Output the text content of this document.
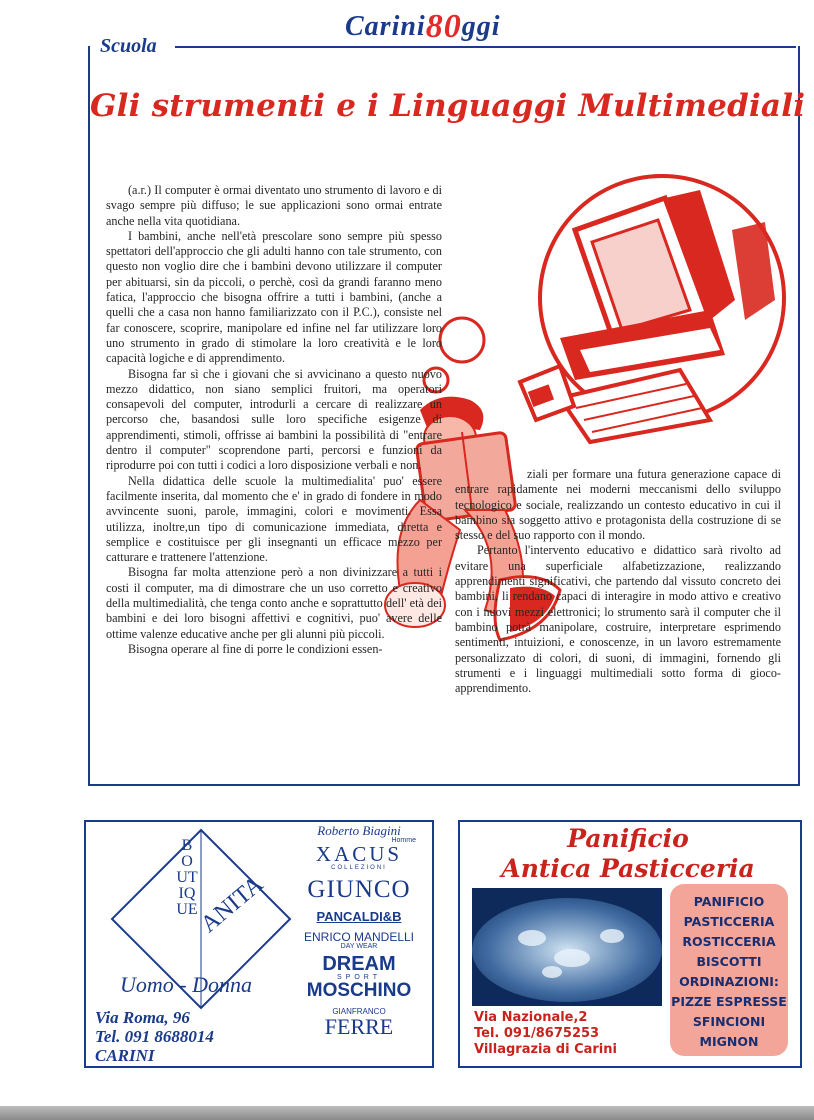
Carini80ggi
Scuola
Gli strumenti e i Linguaggi Multimediali

(a.r.) Il computer è ormai diventato uno strumento di lavoro e di svago sempre più diffuso; le sue applicazioni sono ormai entrate anche nella vita quotidiana.

I bambini, anche nell'età prescolare sono sempre più spesso spettatori dell'approccio che gli adulti hanno con tale strumento, con questo non voglio dire che i bambini devono utilizzare il computer per abituarsi, sin da piccoli, o perchè, così da grandi faranno meno fatica, l'approccio che bisogna offrire a tutti i bambini, (anche a quelli che a casa non hanno familiarizzato con il P.C.), consiste nel far conoscere, scoprire, manipolare ed infine nel far utilizzare loro uno strumento in grado di stimolare la loro creatività e le loro capacità logiche e di apprendimento.

Bisogna far sì che i giovani che si avvicinano a questo nuovo mezzo didattico, non siano semplici fruitori, ma operatori consapevoli del computer, introdurli a cercare di realizzare un percorso che, basandosi sulle loro specifiche esigenze di apprendimenti, stimoli, offrisse ai bambini la possibilità di "entrare dentro il computer" scoprendone parti, percorsi e funzioni da riprodurre poi con tutti i codici a loro disposizione verbali e non.

Nella didattica delle scuole la multimedialita' puo' essere facilmente inserita, dal momento che e' in grado di fondere in modo avvincente suoni, parole, immagini, colori e movimenti. Essa utilizza, inoltre,un tipo di comunicazione immediata, diretta e semplice e costituisce per gli insegnanti un efficace mezzo per catturare e trattenere l'attenzione.

Bisogna far molta attenzione però a non divinizzare a tutti i costi il computer, ma di dimostrare che un uso corretto e creativo della multimedialità, che tenga conto anche e soprattutto dell' età dei bambini e dei loro bisogni affettivi e cognitivi, puo' avere delle ottime valenze educative anche per gli alunni più piccoli.

Bisogna operare al fine di porre le condizioni essen-

ziali per formare una futura generazione capace di entrare rapidamente nei moderni meccanismi dello sviluppo tecnologico e sociale, realizzando un contesto educativo in cui il bambino sia soggetto attivo e protagonista della costruzione di se stesso e del suo rapporto con il mondo.

Pertanto l'intervento educativo e didattico sarà rivolto ad evitare una superficiale alfabetizzazione, realizzando apprendimenti significativi, che partendo dal vissuto concreto dei bambini, li rendano capaci di interagire in modo attivo e creativo con i nuovi mezzi elettronici; lo strumento sarà il computer che il bambino potrà manipolare, costruire, interpretare esprimendo sentimenti, intuizioni, e conoscenze, in un lavoro estremamente personalizzato di colori, di suoni, di immagini, fornendo gli strumenti e i linguaggi multimediali sotto forma di gioco-apprendimento.

BOUTIQUE
ANITA
Uomo - Donna
Via Roma, 96
Tel. 091 8688014
CARINI
Roberto Biagini
Homme
XACUS
COLLEZIONI
GIUNCO
PANCALDI&B
ENRICO MANDELLI
DAY WEAR
DREAM
SPORT
MOSCHINO
GIANFRANCO
FERRE
Panificio
Antica Pasticceria
Via Nazionale,2
Tel. 091/8675253
Villagrazia di Carini
PANIFICIO
PASTICCERIA
ROSTICCERIA
BISCOTTI
ORDINAZIONI:
PIZZE ESPRESSE
SFINCIONI
MIGNON
